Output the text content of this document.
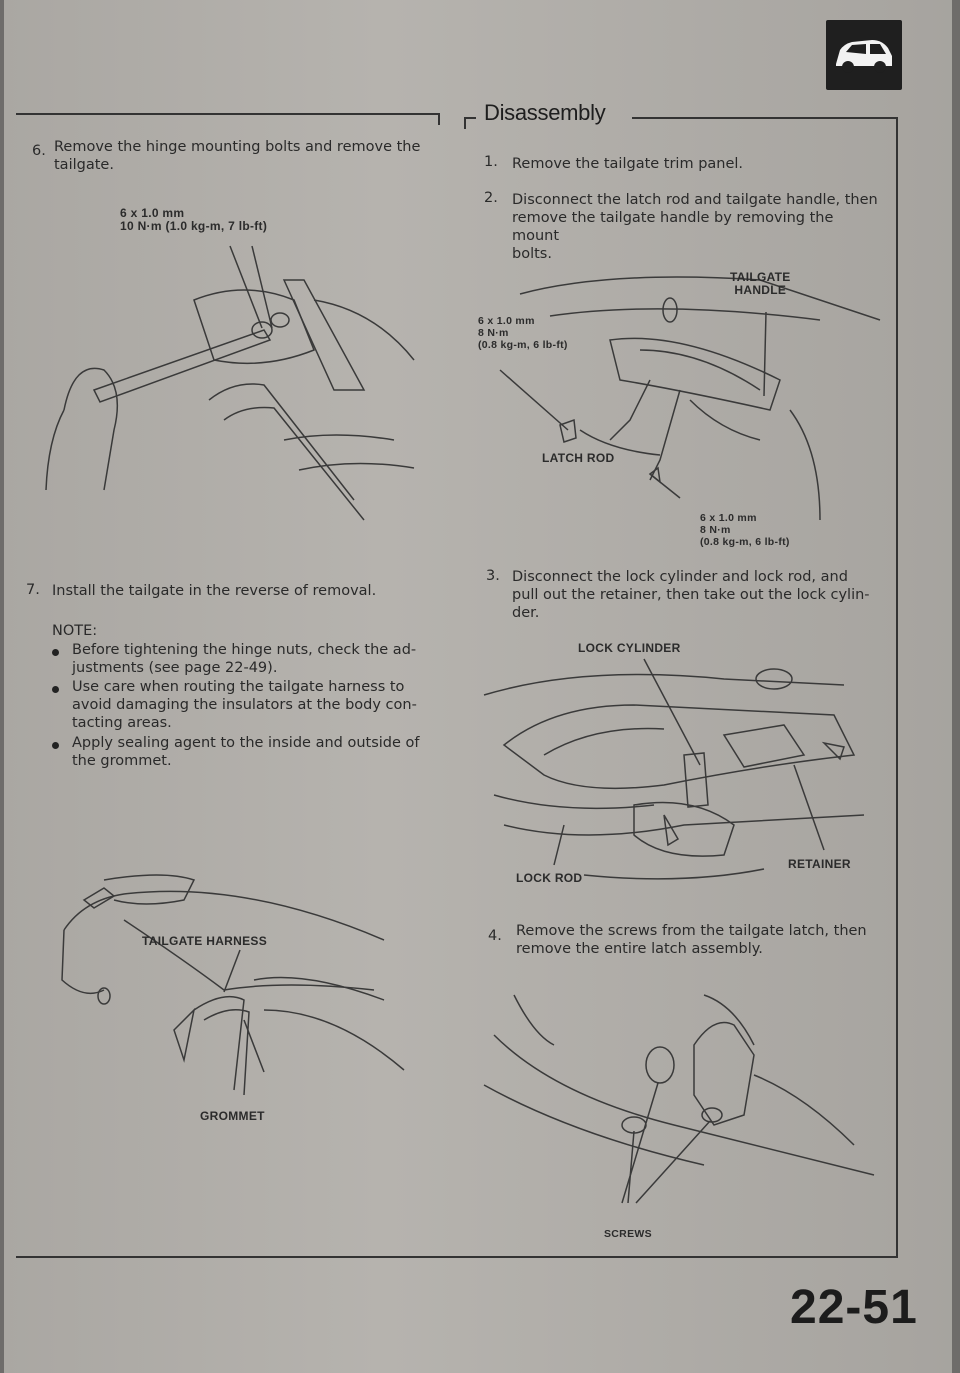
Disassembly
6. Remove the hinge mounting bolts and remove the
tailgate.
6 x 1.0 mm
10 N·m (1.0 kg-m, 7 lb-ft)
7. Install the tailgate in the reverse of removal.
NOTE:
Before tightening the hinge nuts, check the ad-
justments (see page 22-49).
Use care when routing the tailgate harness to
avoid damaging the insulators at the body con-
tacting areas.
Apply sealing agent to the inside and outside of
the grommet.
TAILGATE HARNESS
GROMMET
1. Remove the tailgate trim panel.
2. Disconnect the latch rod and tailgate handle, then
remove the tailgate handle by removing the mount
bolts.
TAILGATE
HANDLE
6 x 1.0 mm
8 N·m
(0.8 kg-m, 6 lb-ft)
LATCH ROD
6 x 1.0 mm
8 N·m
(0.8 kg-m, 6 lb-ft)
3. Disconnect the lock cylinder and lock rod, and
pull out the retainer, then take out the lock cylin-
der.
LOCK CYLINDER
RETAINER
LOCK ROD
4. Remove the screws from the tailgate latch, then
remove the entire latch assembly.
SCREWS
22-51
